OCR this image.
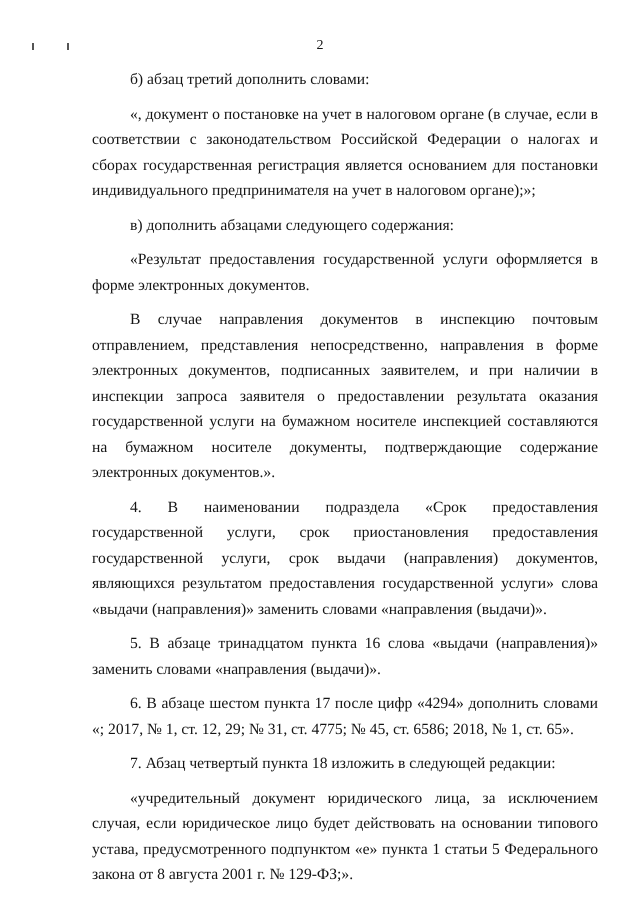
2

б) абзац третий дополнить словами:

«, документ о постановке на учет в налоговом органе (в случае, если в соответствии с законодательством Российской Федерации о налогах и сборах государственная регистрация является основанием для постановки индивидуального предпринимателя на учет в налоговом органе);»;

в) дополнить абзацами следующего содержания:

«Результат предоставления государственной услуги оформляется в форме электронных документов.

В случае направления документов в инспекцию почтовым отправлением, представления непосредственно, направления в форме электронных документов, подписанных заявителем, и при наличии в инспекции запроса заявителя о предоставлении результата оказания государственной услуги на бумажном носителе инспекцией составляются на бумажном носителе документы, подтверждающие содержание электронных документов.».

4. В наименовании подраздела «Срок предоставления государственной услуги, срок приостановления предоставления государственной услуги, срок выдачи (направления) документов, являющихся результатом предоставления государственной услуги» слова «выдачи (направления)» заменить словами «направления (выдачи)».

5. В абзаце тринадцатом пункта 16 слова «выдачи (направления)» заменить словами «направления (выдачи)».

6. В абзаце шестом пункта 17 после цифр «4294» дополнить словами «; 2017, № 1, ст. 12, 29; № 31, ст. 4775; № 45, ст. 6586; 2018, № 1, ст. 65».

7. Абзац четвертый пункта 18 изложить в следующей редакции:

«учредительный документ юридического лица, за исключением случая, если юридическое лицо будет действовать на основании типового устава, предусмотренного подпунктом «е» пункта 1 статьи 5 Федерального закона от 8 августа 2001 г. № 129-ФЗ;».
